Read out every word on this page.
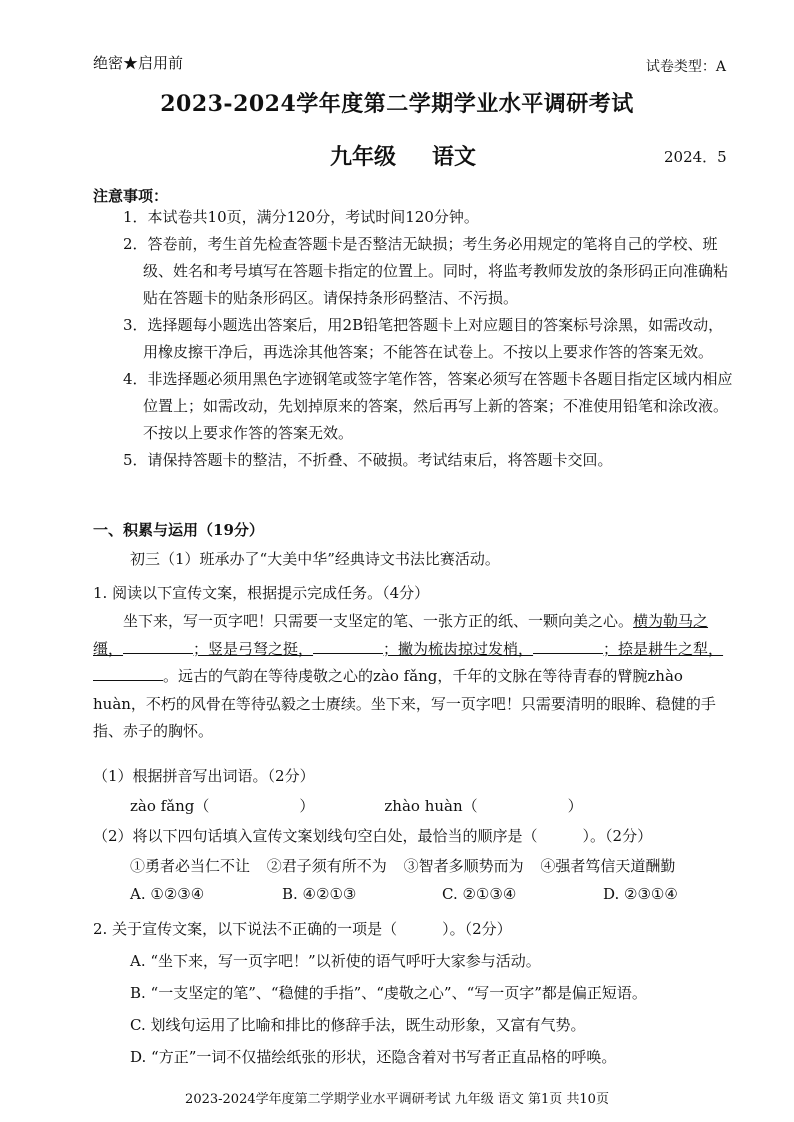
绝密★启用前	试卷类型：A
2023-2024学年度第二学期学业水平调研考试
九年级 语文	2024．5
注意事项：
1．本试卷共10页，满分120分，考试时间120分钟。
2．答卷前，考生首先检查答题卡是否整洁无缺损；考生务必用规定的笔将自己的学校、班级、姓名和考号填写在答题卡指定的位置上。同时，将监考教师发放的条形码正向准确粘贴在答题卡的贴条形码区。请保持条形码整洁、不污损。
3．选择题每小题选出答案后，用2B铅笔把答题卡上对应题目的答案标号涂黑，如需改动，用橡皮擦干净后，再选涂其他答案；不能答在试卷上。不按以上要求作答的答案无效。
4．非选择题必须用黑色字迹钢笔或签字笔作答，答案必须写在答题卡各题目指定区域内相应位置上；如需改动，先划掉原来的答案，然后再写上新的答案；不准使用铅笔和涂改液。不按以上要求作答的答案无效。
5．请保持答题卡的整洁，不折叠、不破损。考试结束后，将答题卡交回。
一、积累与运用（19分）
初三（1）班承办了“大美中华”经典诗文书法比赛活动。
1. 阅读以下宣传文案，根据提示完成任务。（4分）

坐下来，写一页字吧！只需要一支坚定的笔、一张方正的纸、一颗向美之心。横为勒马之缰，	；竖是弓弩之挺，	；撇为梳齿掠过发梢，	；捺是耕牛之犁，。远古的气韵在等待虔敬之心的zào fǎng，千年的文脉在等待青春的臂腕zhào huàn，不朽的风骨在等待弘毅之士赓续。坐下来，写一页字吧！只需要清明的眼眸、稳健的手指、赤子的胸怀。

（1）根据拼音写出词语。（2分）
zào fǎng（　　　　　　）	zhào huàn（　　　　　　）
（2）将以下四句话填入宣传文案划线句空白处，最恰当的顺序是（　　　）。（2分）
①勇者必当仁不让 ②君子须有所不为 ③智者多顺势而为 ④强者笃信天道酬勤
A. ①②③④	B. ④②①③	C. ②①③④	D. ②③①④
2. 关于宣传文案，以下说法不正确的一项是（　　　）。（2分）
A. “坐下来，写一页字吧！”以祈使的语气呼吁大家参与活动。
B. “一支坚定的笔”、“稳健的手指”、“虔敬之心”、“写一页字”都是偏正短语。
C. 划线句运用了比喻和排比的修辞手法，既生动形象，又富有气势。
D. “方正”一词不仅描绘纸张的形状，还隐含着对书写者正直品格的呼唤。
2023-2024学年度第二学期学业水平调研考试 九年级 语文 第1页 共10页
